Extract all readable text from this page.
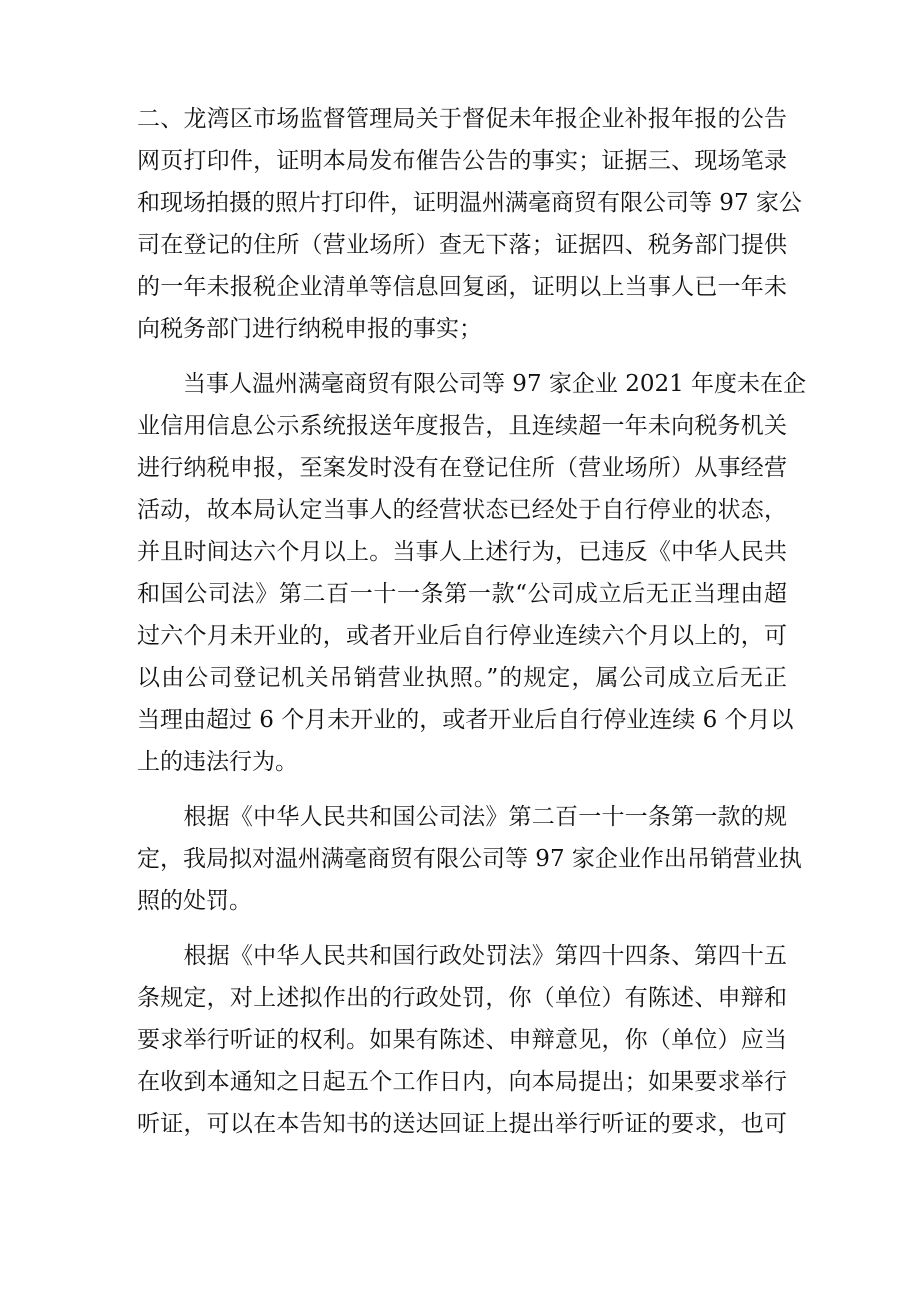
二、龙湾区市场监督管理局关于督促未年报企业补报年报的公告
网页打印件，证明本局发布催告公告的事实；证据三、现场笔录
和现场拍摄的照片打印件，证明温州满毫商贸有限公司等 97 家公
司在登记的住所（营业场所）查无下落；证据四、税务部门提供
的一年未报税企业清单等信息回复函，证明以上当事人已一年未
向税务部门进行纳税申报的事实；
　　当事人温州满毫商贸有限公司等 97 家企业 2021 年度未在企
业信用信息公示系统报送年度报告，且连续超一年未向税务机关
进行纳税申报，至案发时没有在登记住所（营业场所）从事经营
活动，故本局认定当事人的经营状态已经处于自行停业的状态，
并且时间达六个月以上。当事人上述行为，已违反《中华人民共
和国公司法》第二百一十一条第一款“公司成立后无正当理由超
过六个月未开业的，或者开业后自行停业连续六个月以上的，可
以由公司登记机关吊销营业执照。”的规定，属公司成立后无正
当理由超过 6 个月未开业的，或者开业后自行停业连续 6 个月以
上的违法行为。
　　根据《中华人民共和国公司法》第二百一十一条第一款的规
定，我局拟对温州满毫商贸有限公司等 97 家企业作出吊销营业执
照的处罚。
　　根据《中华人民共和国行政处罚法》第四十四条、第四十五
条规定，对上述拟作出的行政处罚，你（单位）有陈述、申辩和
要求举行听证的权利。如果有陈述、申辩意见，你（单位）应当
在收到本通知之日起五个工作日内，向本局提出；如果要求举行
听证，可以在本告知书的送达回证上提出举行听证的要求，也可
